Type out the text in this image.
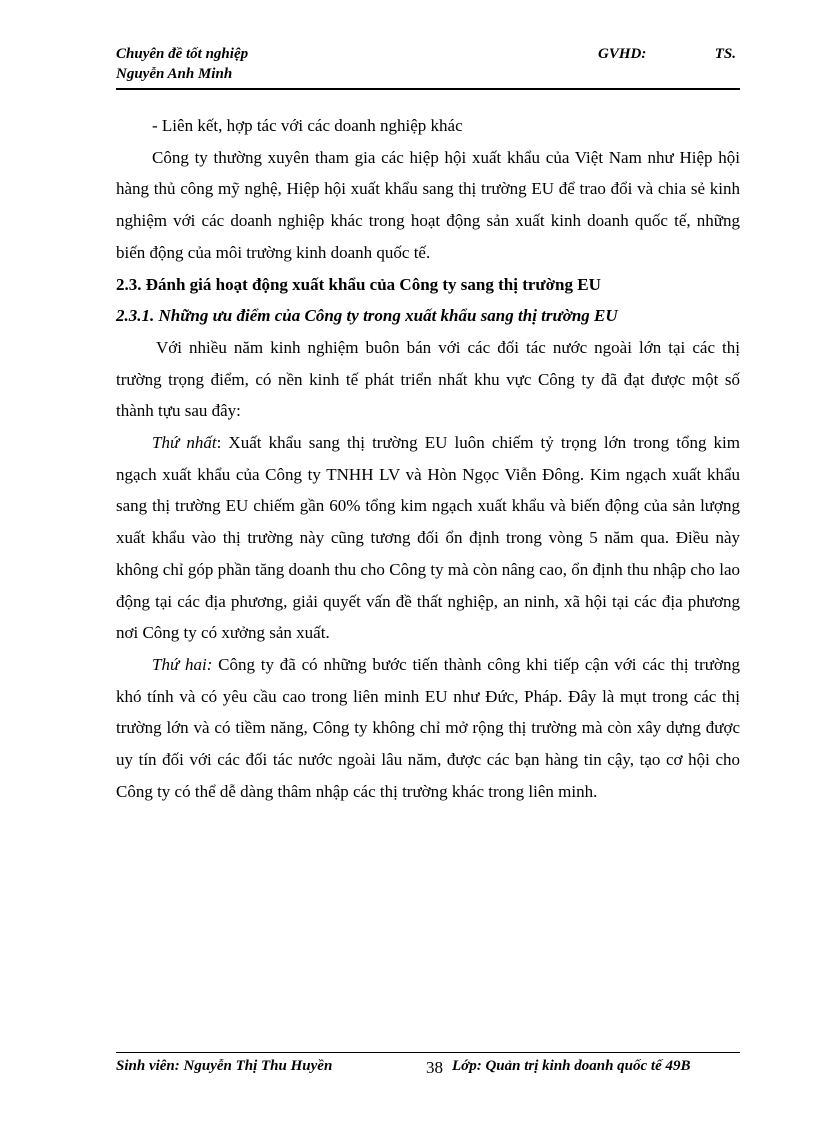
Chuyên đề tốt nghiệp
Nguyễn Anh Minh
GVHD:	TS.

- Liên kết, hợp tác với các doanh nghiệp khác

Công ty thường xuyên tham gia các hiệp hội xuất khẩu của Việt Nam như Hiệp hội hàng thủ công mỹ nghệ, Hiệp hội xuất khẩu sang thị trường EU để trao đổi và chia sẻ kinh nghiệm với các doanh nghiệp khác trong hoạt động sản xuất kinh doanh quốc tế, những biến động của môi trường kinh doanh quốc tế.

2.3. Đánh giá hoạt động xuất khẩu của Công ty sang thị trường EU

2.3.1. Những ưu điểm của Công ty trong xuất khẩu sang thị trường EU

Với nhiều năm kinh nghiệm buôn bán với các đối tác nước ngoài lớn tại các thị trường trọng điểm, có nền kinh tế phát triển nhất khu vực Công ty đã đạt được một số thành tựu sau đây:

Thứ nhất: Xuất khẩu sang thị trường EU luôn chiếm tỷ trọng lớn trong tổng kim ngạch xuất khẩu của Công ty TNHH LV và Hòn Ngọc Viễn Đông. Kim ngạch xuất khẩu sang thị trường EU chiếm gần 60% tổng kim ngạch xuất khẩu và biến động của sản lượng xuất khẩu vào thị trường này cũng tương đối ổn định trong vòng 5 năm qua. Điều này không chỉ góp phần tăng doanh thu cho Công ty mà còn nâng cao, ổn định thu nhập cho lao động tại các địa phương, giải quyết vấn đề thất nghiệp, an ninh, xã hội tại các địa phương nơi Công ty có xưởng sản xuất.

Thứ hai: Công ty đã có những bước tiến thành công khi tiếp cận với các thị trường khó tính và có yêu cầu cao trong liên minh EU như Đức, Pháp. Đây là mụt trong các thị trường lớn và có tiềm năng, Công ty không chỉ mở rộng thị trường mà còn xây dựng được uy tín đối với các đối tác nước ngoài lâu năm, được các bạn hàng tin cậy, tạo cơ hội cho Công ty có thể dễ dàng thâm nhập các thị trường khác trong liên minh.

Sinh viên: Nguyễn Thị Thu Huyền	38 Lớp: Quản trị kinh doanh quốc tế 49B
